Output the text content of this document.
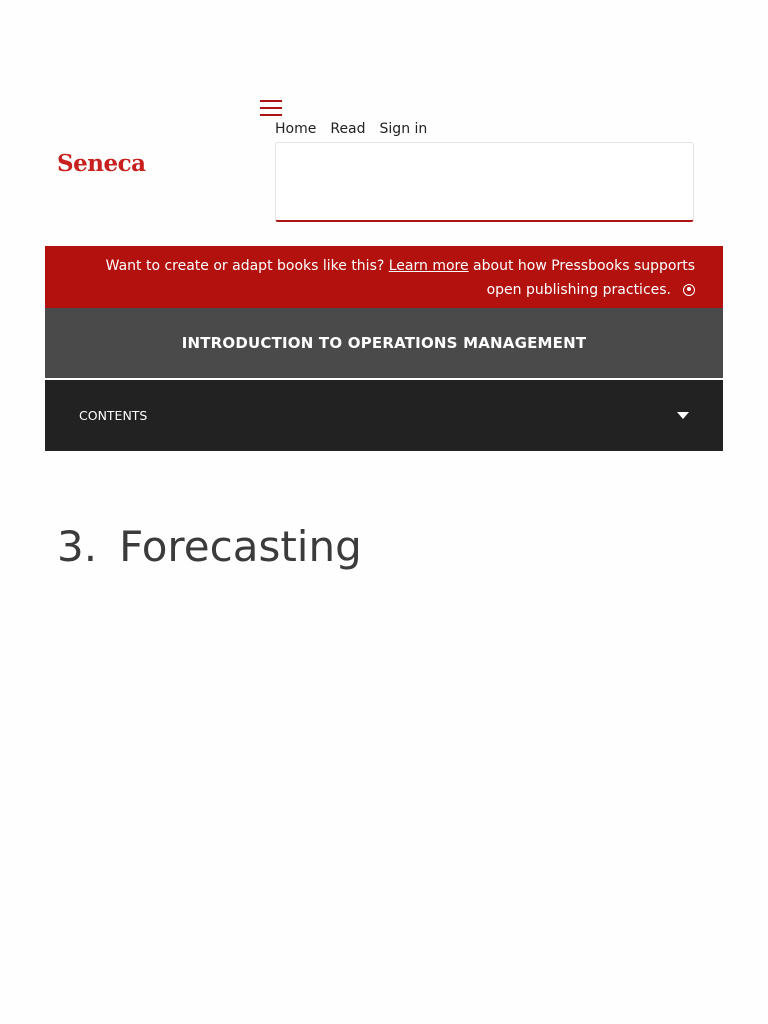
Seneca
Home Read Sign in
Want to create or adapt books like this? Learn more about how Pressbooks supports open publishing practices.
INTRODUCTION TO OPERATIONS MANAGEMENT
CONTENTS
3. Forecasting
